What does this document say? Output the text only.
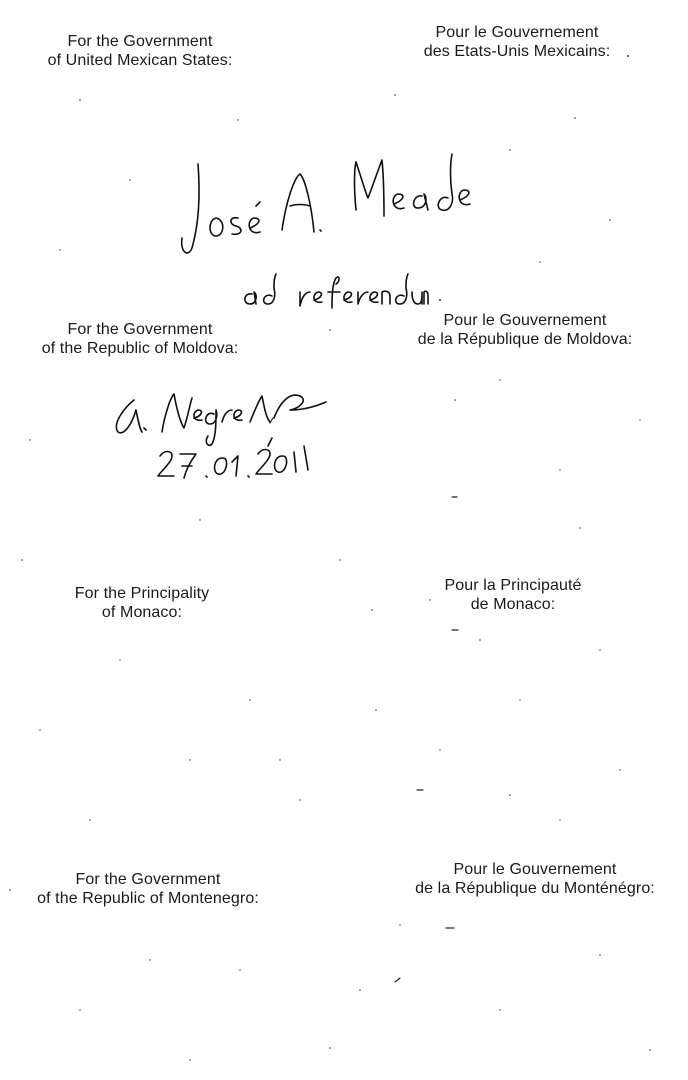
For the Government
of United Mexican States:
Pour le Gouvernement
des Etats-Unis Mexicains:
For the Government
of the Republic of Moldova:
Pour le Gouvernement
de la République de Moldova:
For the Principality
of Monaco:
Pour la Principauté
de Monaco:
For the Government
of the Republic of Montenegro:
Pour le Gouvernement
de la République du Monténégro:
